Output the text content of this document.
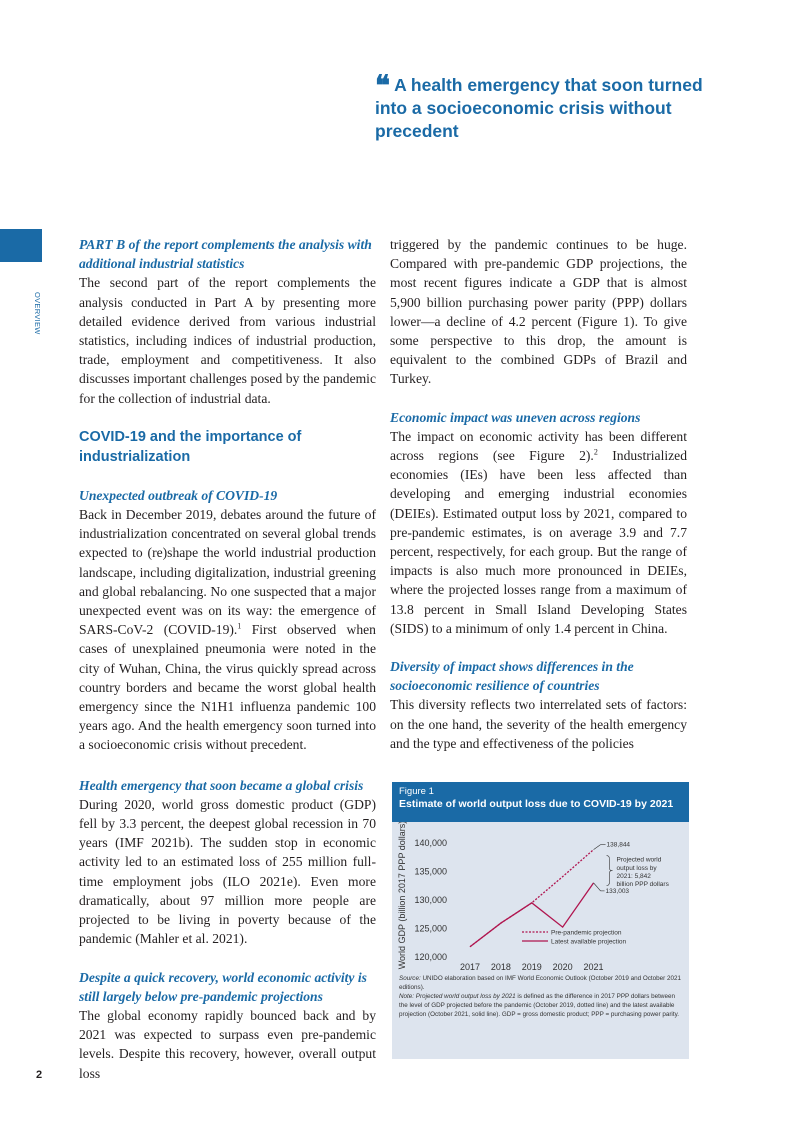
❝ A health emergency that soon turned into a socioeconomic crisis without precedent
OVERVIEW

PART B of the report complements the analysis with additional industrial statistics

The second part of the report complements the analysis conducted in Part A by presenting more detailed evidence derived from various industrial statistics, including indices of industrial production, trade, employment and competitiveness. It also discusses important challenges posed by the pandemic for the collection of industrial data.

COVID-19 and the importance of industrialization

Unexpected outbreak of COVID-19

Back in December 2019, debates around the future of industrialization concentrated on several global trends expected to (re)shape the world industrial production landscape, including digitalization, industrial greening and global rebalancing. No one suspected that a major unexpected event was on its way: the emergence of SARS-CoV-2 (COVID-19).$^1$ First observed when cases of unexplained pneumonia were noted in the city of Wuhan, China, the virus quickly spread across country borders and became the worst global health emergency since the N1H1 influenza pandemic 100 years ago. And the health emergency soon turned into a socioeconomic crisis without precedent.

Health emergency that soon became a global crisis

During 2020, world gross domestic product (GDP) fell by 3.3 percent, the deepest global recession in 70 years (IMF 2021b). The sudden stop in economic activity led to an estimated loss of 255 million full-time employment jobs (ILO 2021e). Even more dramatically, about 97 million more people are projected to be living in poverty because of the pandemic (Mahler et al. 2021).

Despite a quick recovery, world economic activity is still largely below pre-pandemic projections

The global economy rapidly bounced back and by 2021 was expected to surpass even pre-pandemic levels. Despite this recovery, however, overall output loss

triggered by the pandemic continues to be huge. Compared with pre-pandemic GDP projections, the most recent figures indicate a GDP that is almost 5,900 billion purchasing power parity (PPP) dollars lower—a decline of 4.2 percent (Figure 1). To give some perspective to this drop, the amount is equivalent to the combined GDPs of Brazil and Turkey.

Economic impact was uneven across regions

The impact on economic activity has been different across regions (see Figure 2).$^2$ Industrialized economies (IEs) have been less affected than developing and emerging industrial economies (DEIEs). Estimated output loss by 2021, compared to pre-pandemic estimates, is on average 3.9 and 7.7 percent, respectively, for each group. But the range of impacts is also much more pronounced in DEIEs, where the projected losses range from a maximum of 13.8 percent in Small Island Developing States (SIDS) to a minimum of only 1.4 percent in China.

Diversity of impact shows differences in the socioeconomic resilience of countries

This diversity reflects two interrelated sets of factors: on the one hand, the severity of the health emergency and the type and effectiveness of the policies

Figure 1
Estimate of world output loss due to COVID-19 by 2021
World GDP (billion 2017 PPP dollars) 120,000
125,000
130,000
135,000
140,000
2017 2018 2019 2020 2021
138,844
133,003
Projected world
output loss by
2021: 5,842
billion PPP dollars
Pre-pandemic projection
Latest available projection

Source: UNIDO elaboration based on IMF World Economic Outlook (October 2019 and October 2021 editions).

Note: Projected world output loss by 2021 is defined as the difference in 2017 PPP dollars between the level of GDP projected before the pandemic (October 2019, dotted line) and the latest available projection (October 2021, solid line). GDP = gross domestic product; PPP = purchasing power parity.

2
